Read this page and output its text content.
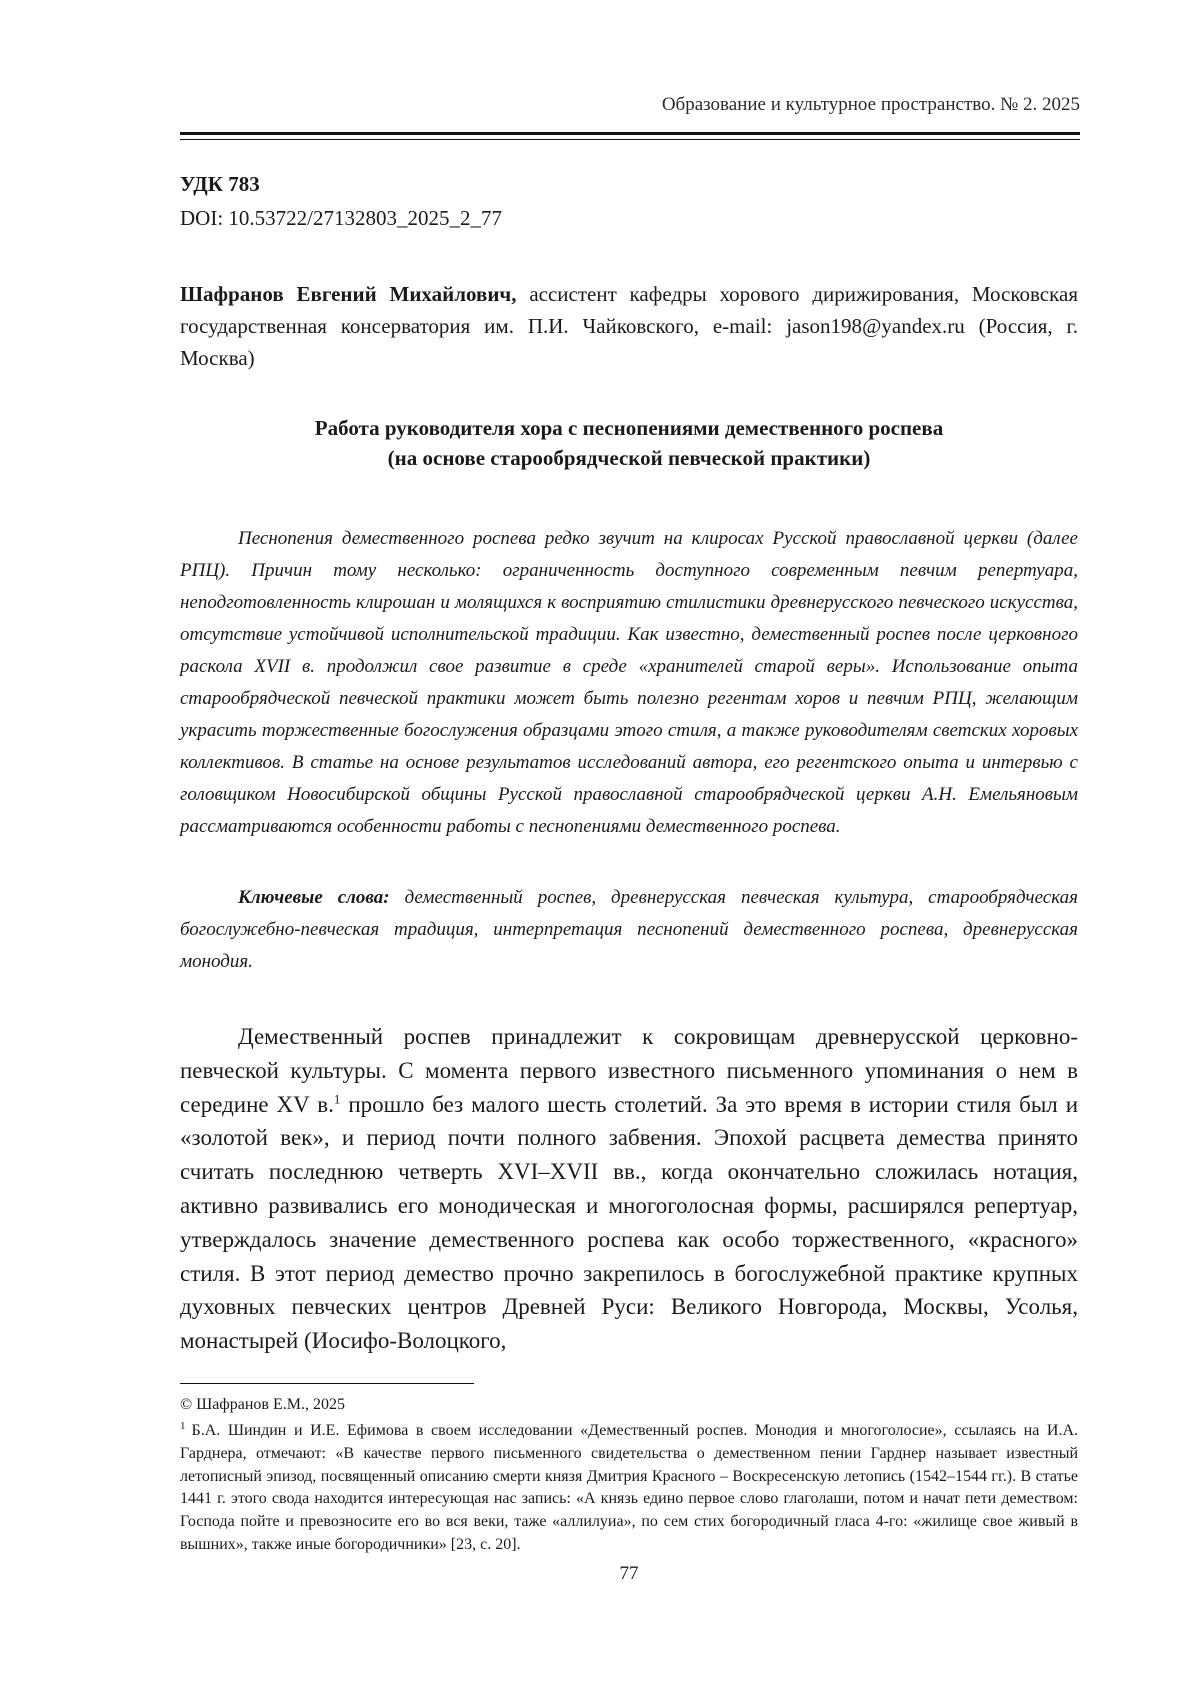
Образование и культурное пространство. № 2. 2025
УДК 783
DOI: 10.53722/27132803_2025_2_77
Шафранов Евгений Михайлович, ассистент кафедры хорового дирижирования, Московская государственная консерватория им. П.И. Чайковского, e-mail: jason198@yandex.ru (Россия, г. Москва)
Работа руководителя хора с песнопениями демественного роспева
(на основе старообрядческой певческой практики)
Песнопения демественного роспева редко звучит на клиросах Русской православной церкви (далее РПЦ). Причин тому несколько: ограниченность доступного современным певчим репертуара, неподготовленность клирошан и молящихся к восприятию стилистики древнерусского певческого искусства, отсутствие устойчивой исполнительской традиции. Как известно, демественный роспев после церковного раскола XVII в. продолжил свое развитие в среде «хранителей старой веры». Использование опыта старообрядческой певческой практики может быть полезно регентам хоров и певчим РПЦ, желающим украсить торжественные богослужения образцами этого стиля, а также руководителям светских хоровых коллективов. В статье на основе результатов исследований автора, его регентского опыта и интервью с головщиком Новосибирской общины Русской православной старообрядческой церкви А.Н. Емельяновым рассматриваются особенности работы с песнопениями демественного роспева.
Ключевые слова: демественный роспев, древнерусская певческая культура, старообрядческая богослужебно-певческая традиция, интерпретация песнопений демественного роспева, древнерусская монодия.
Демественный роспев принадлежит к сокровищам древнерусской церковно-певческой культуры. С момента первого известного письменного упоминания о нем в середине XV в.$^1$ прошло без малого шесть столетий. За это время в истории стиля был и «золотой век», и период почти полного забвения. Эпохой расцвета демества принято считать последнюю четверть XVI–XVII вв., когда окончательно сложилась нотация, активно развивались его монодическая и многоголосная формы, расширялся репертуар, утверждалось значение демественного роспева как особо торжественного, «красного» стиля. В этот период демество прочно закрепилось в богослужебной практике крупных духовных певческих центров Древней Руси: Великого Новгорода, Москвы, Усолья, монастырей (Иосифо-Волоцкого,
© Шафранов Е.М., 2025
$^1$ Б.А. Шиндин и И.Е. Ефимова в своем исследовании «Демественный роспев. Монодия и многоголосие», ссылаясь на И.А. Гарднера, отмечают: «В качестве первого письменного свидетельства о демественном пении Гарднер называет известный летописный эпизод, посвященный описанию смерти князя Дмитрия Красного – Воскресенскую летопись (1542–1544 гг.). В статье 1441 г. этого свода находится интересующая нас запись: «А князь едино первое слово глаголаши, потом и начат пети демеством: Господа пойте и превозносите его во вся веки, таже «аллилуиа», по сем стих богородичный гласа 4-го: «жилище свое живый в вышних», также иные богородичники» [23, с. 20].
77
